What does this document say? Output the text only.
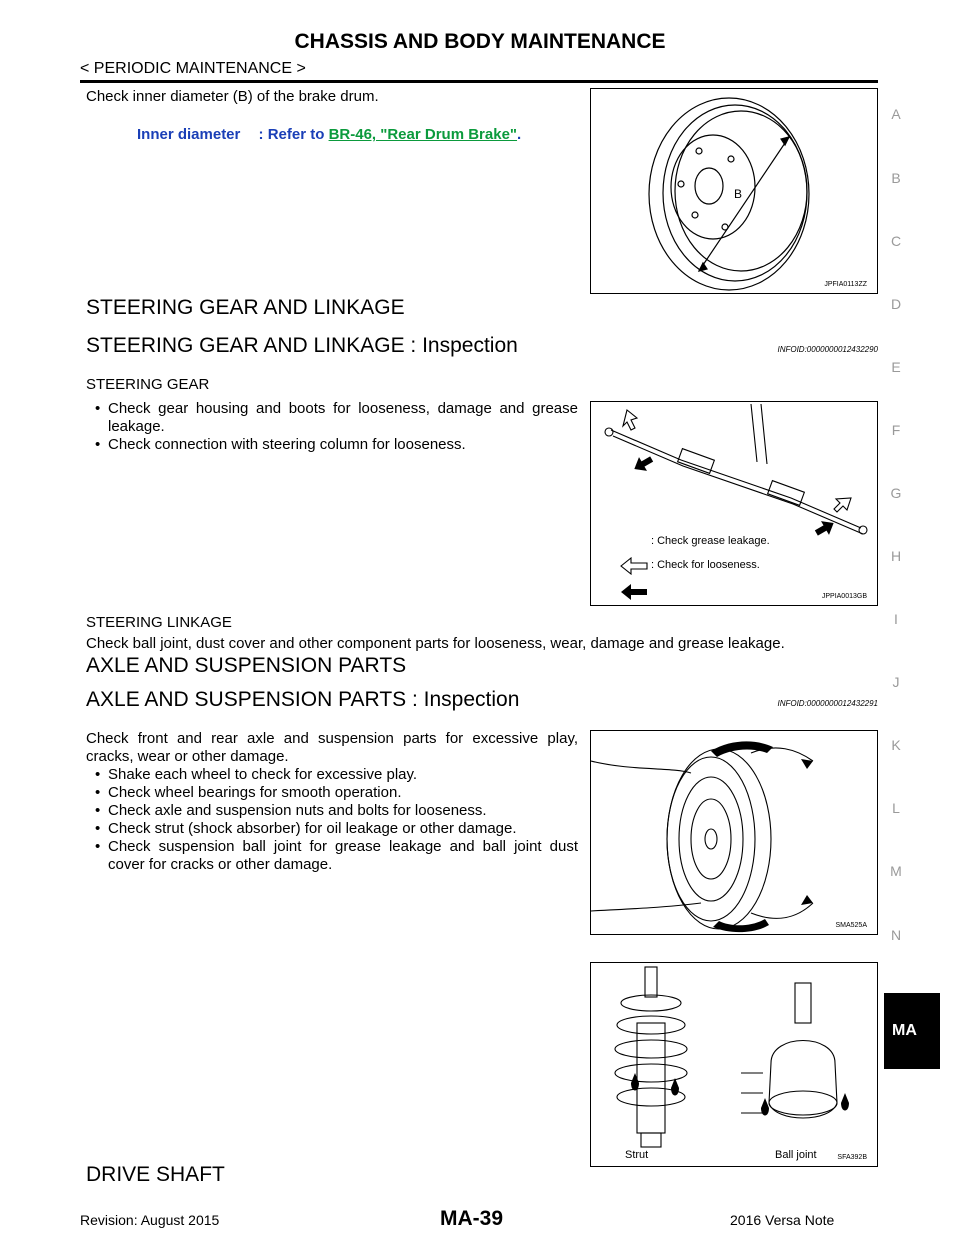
CHASSIS AND BODY MAINTENANCE
< PERIODIC MAINTENANCE >
A
B
C
D
E
F
G
H
I
J
K
L
M
N
MA
Check inner diameter (B) of the brake drum.
Inner diameter : Refer to BR-46, "Rear Drum Brake".
B
JPFIA0113ZZ
STEERING GEAR AND LINKAGE
STEERING GEAR AND LINKAGE : Inspection	INFOID:0000000012432290
STEERING GEAR
• Check gear housing and boots for looseness, damage and grease leakage.
• Check connection with steering column for looseness.
: Check grease leakage.
: Check for looseness.
JPPIA0013GB
STEERING LINKAGE
Check ball joint, dust cover and other component parts for looseness, wear, damage and grease leakage.
AXLE AND SUSPENSION PARTS
AXLE AND SUSPENSION PARTS : Inspection	INFOID:0000000012432291
Check front and rear axle and suspension parts for excessive play, cracks, wear or other damage.
• Shake each wheel to check for excessive play.
• Check wheel bearings for smooth operation.
• Check axle and suspension nuts and bolts for looseness.
• Check strut (shock absorber) for oil leakage or other damage.
• Check suspension ball joint for grease leakage and ball joint dust cover for cracks or other damage.
SMA525A
Strut	Ball joint	SFA392B
DRIVE SHAFT
Revision: August 2015	MA-39	2016 Versa Note
